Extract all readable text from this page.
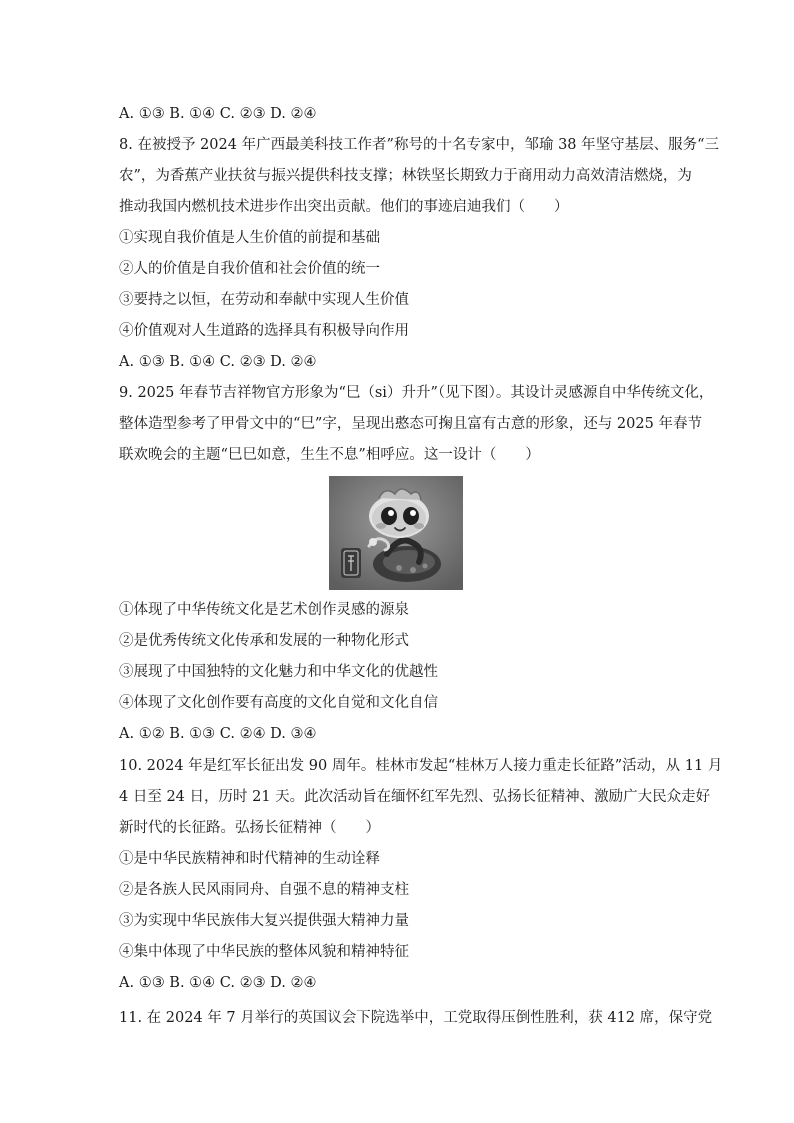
A. ①③ B. ①④ C. ②③ D. ②④
8. 在被授予 2024 年广西最美科技工作者”称号的十名专家中，邹瑜 38 年坚守基层、服务“三
农”，为香蕉产业扶贫与振兴提供科技支撑；林铁坚长期致力于商用动力高效清洁燃烧，为
推动我国内燃机技术进步作出突出贡献。他们的事迹启迪我们（　　）
①实现自我价值是人生价值的前提和基础
②人的价值是自我价值和社会价值的统一
③要持之以恒，在劳动和奉献中实现人生价值
④价值观对人生道路的选择具有积极导向作用
A. ①③ B. ①④ C. ②③ D. ②④
9. 2025 年春节吉祥物官方形象为“巳（si）升升”（见下图）。其设计灵感源自中华传统文化，
整体造型参考了甲骨文中的“巳”字，呈现出憨态可掬且富有古意的形象，还与 2025 年春节
联欢晚会的主题“巳巳如意，生生不息”相呼应。这一设计（　　）
①体现了中华传统文化是艺术创作灵感的源泉
②是优秀传统文化传承和发展的一种物化形式
③展现了中国独特的文化魅力和中华文化的优越性
④体现了文化创作要有高度的文化自觉和文化自信
A. ①② B. ①③ C. ②④ D. ③④
10. 2024 年是红军长征出发 90 周年。桂林市发起“桂林万人接力重走长征路”活动，从 11 月
4 日至 24 日，历时 21 天。此次活动旨在缅怀红军先烈、弘扬长征精神、激励广大民众走好
新时代的长征路。弘扬长征精神（　　）
①是中华民族精神和时代精神的生动诠释
②是各族人民风雨同舟、自强不息的精神支柱
③为实现中华民族伟大复兴提供强大精神力量
④集中体现了中华民族的整体风貌和精神特征
A. ①③ B. ①④ C. ②③ D. ②④
11. 在 2024 年 7 月举行的英国议会下院选举中，工党取得压倒性胜利，获 412 席，保守党
